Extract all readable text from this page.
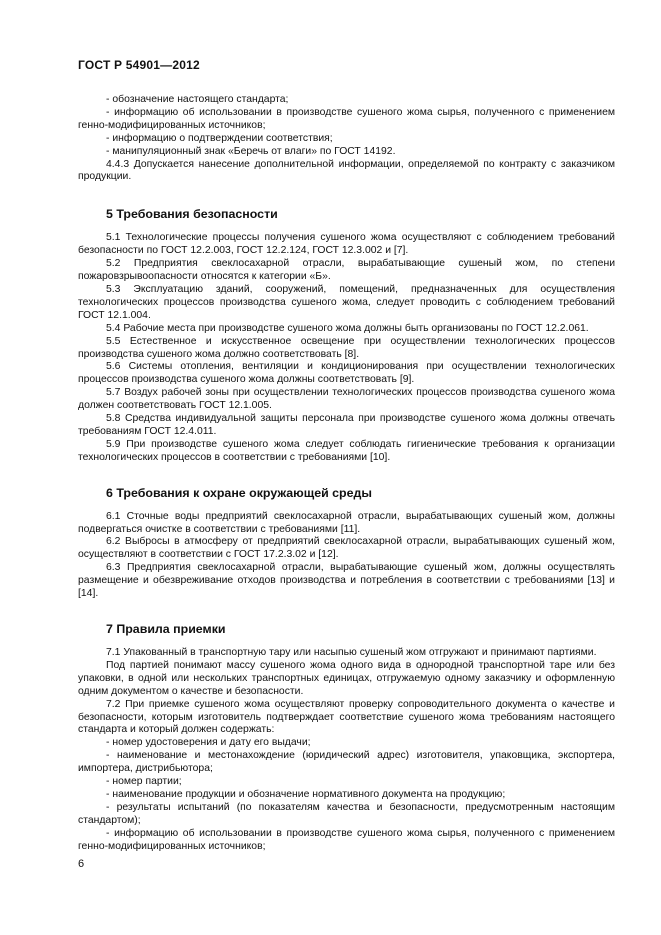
ГОСТ Р 54901—2012

- обозначение настоящего стандарта;

- информацию об использовании в производстве сушеного жома сырья, полученного с применением генно-модифицированных источников;

- информацию о подтверждении соответствия;

- манипуляционный знак «Беречь от влаги» по ГОСТ 14192.

4.4.3 Допускается нанесение дополнительной информации, определяемой по контракту с заказчиком продукции.

5 Требования безопасности

5.1 Технологические процессы получения сушеного жома осуществляют с соблюдением требований безопасности по ГОСТ 12.2.003, ГОСТ 12.2.124, ГОСТ 12.3.002 и [7].

5.2 Предприятия свеклосахарной отрасли, вырабатывающие сушеный жом, по степени пожаровзрывоопасности относятся к категории «Б».

5.3 Эксплуатацию зданий, сооружений, помещений, предназначенных для осуществления технологических процессов производства сушеного жома, следует проводить с соблюдением требований ГОСТ 12.1.004.

5.4 Рабочие места при производстве сушеного жома должны быть организованы по ГОСТ 12.2.061.

5.5 Естественное и искусственное освещение при осуществлении технологических процессов производства сушеного жома должно соответствовать [8].

5.6 Системы отопления, вентиляции и кондиционирования при осуществлении технологических процессов производства сушеного жома должны соответствовать [9].

5.7 Воздух рабочей зоны при осуществлении технологических процессов производства сушеного жома должен соответствовать ГОСТ 12.1.005.

5.8 Средства индивидуальной защиты персонала при производстве сушеного жома должны отвечать требованиям ГОСТ 12.4.011.

5.9 При производстве сушеного жома следует соблюдать гигиенические требования к организации технологических процессов в соответствии с требованиями [10].

6 Требования к охране окружающей среды

6.1 Сточные воды предприятий свеклосахарной отрасли, вырабатывающих сушеный жом, должны подвергаться очистке в соответствии с требованиями [11].

6.2 Выбросы в атмосферу от предприятий свеклосахарной отрасли, вырабатывающих сушеный жом, осуществляют в соответствии с ГОСТ 17.2.3.02 и [12].

6.3 Предприятия свеклосахарной отрасли, вырабатывающие сушеный жом, должны осуществлять размещение и обезвреживание отходов производства и потребления в соответствии с требованиями [13] и [14].

7 Правила приемки

7.1 Упакованный в транспортную тару или насыпью сушеный жом отгружают и принимают партиями.

Под партией понимают массу сушеного жома одного вида в однородной транспортной таре или без упаковки, в одной или нескольких транспортных единицах, отгружаемую одному заказчику и оформленную одним документом о качестве и безопасности.

7.2 При приемке сушеного жома осуществляют проверку сопроводительного документа о качестве и безопасности, которым изготовитель подтверждает соответствие сушеного жома требованиям настоящего стандарта и который должен содержать:

- номер удостоверения и дату его выдачи;

- наименование и местонахождение (юридический адрес) изготовителя, упаковщика, экспортера, импортера, дистрибьютора;

- номер партии;

- наименование продукции и обозначение нормативного документа на продукцию;

- результаты испытаний (по показателям качества и безопасности, предусмотренным настоящим стандартом);

- информацию об использовании в производстве сушеного жома сырья, полученного с применением генно-модифицированных источников;

6
